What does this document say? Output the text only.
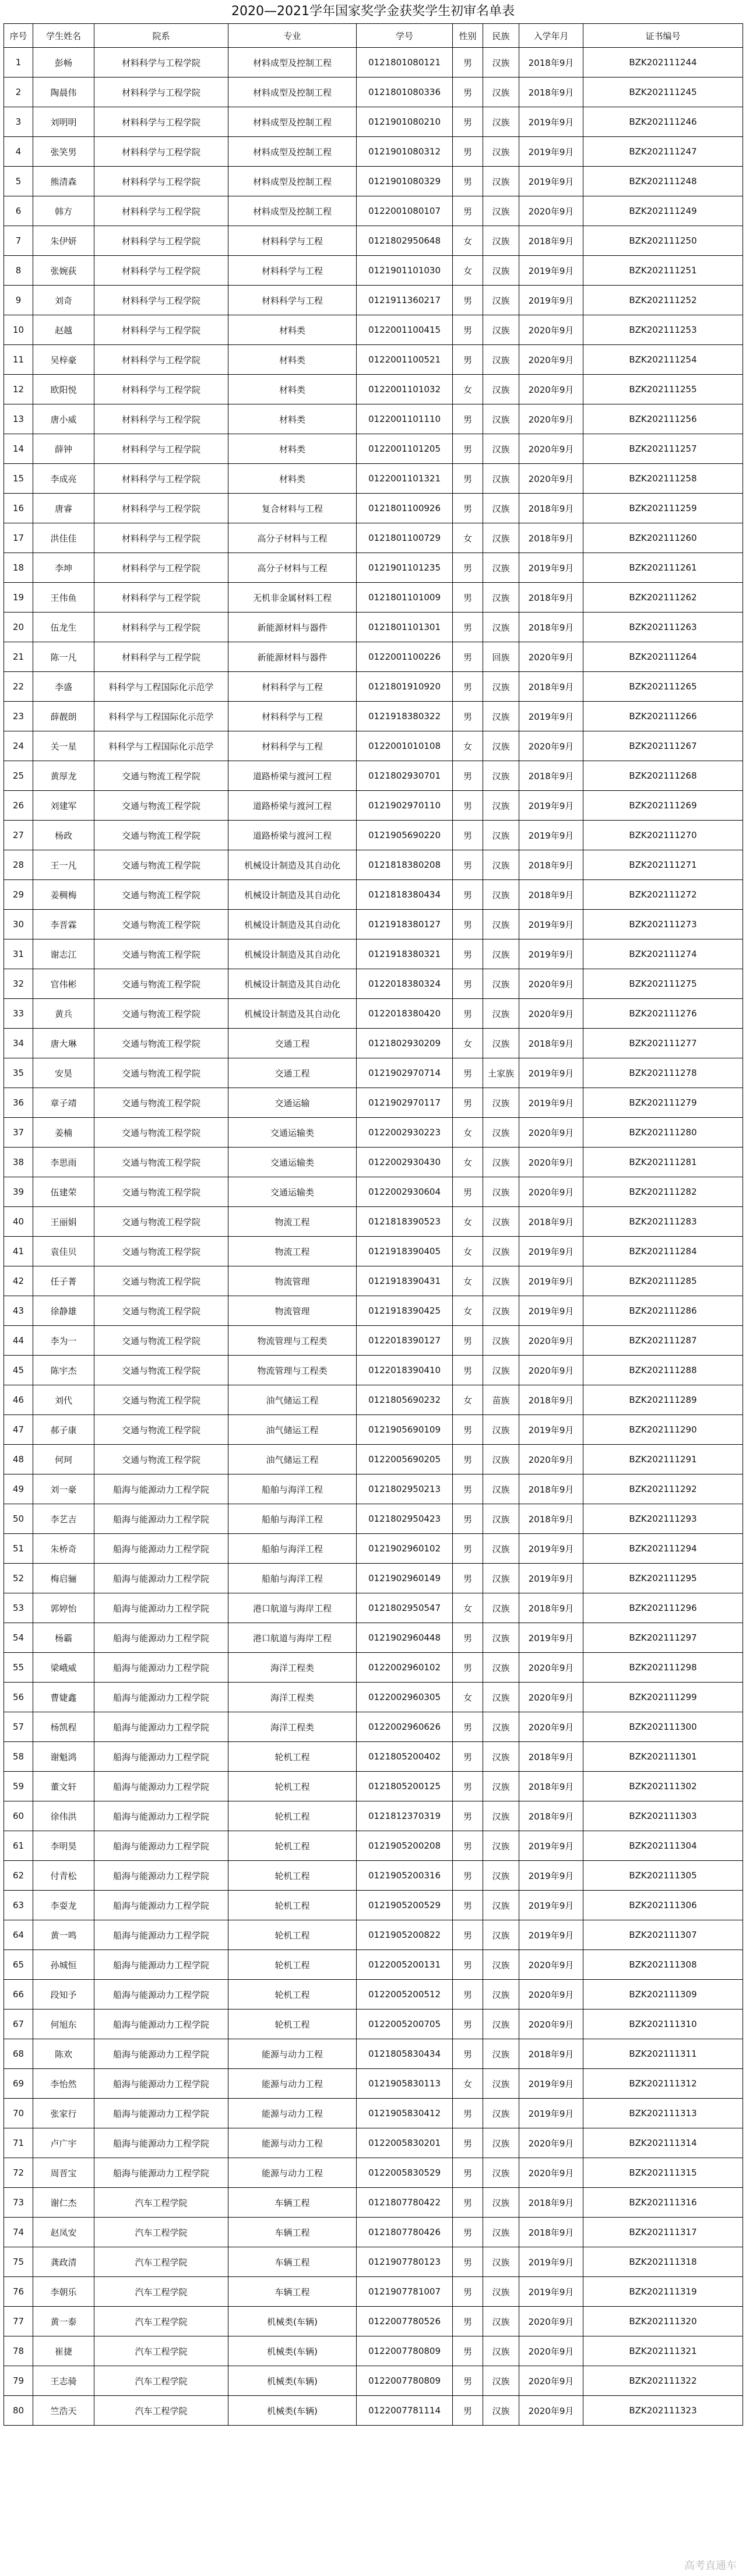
2020—2021学年国家奖学金获奖学生初审名单表
序号	学生姓名	院系	专业	学号	性别	民族	入学年月	证书编号
1	彭畅	材料科学与工程学院	材料成型及控制工程	0121801080121	男	汉族	2018年9月	BZK202111244
2	陶晨伟	材料科学与工程学院	材料成型及控制工程	0121801080336	男	汉族	2018年9月	BZK202111245
3	刘明明	材料科学与工程学院	材料成型及控制工程	0121901080210	男	汉族	2019年9月	BZK202111246
4	张笑男	材料科学与工程学院	材料成型及控制工程	0121901080312	男	汉族	2019年9月	BZK202111247
5	熊清森	材料科学与工程学院	材料成型及控制工程	0121901080329	男	汉族	2019年9月	BZK202111248
6	韩方	材料科学与工程学院	材料成型及控制工程	0122001080107	男	汉族	2020年9月	BZK202111249
7	朱伊妍	材料科学与工程学院	材料科学与工程	0121802950648	女	汉族	2018年9月	BZK202111250
8	张婉荻	材料科学与工程学院	材料科学与工程	0121901101030	女	汉族	2019年9月	BZK202111251
9	刘奇	材料科学与工程学院	材料科学与工程	0121911360217	男	汉族	2019年9月	BZK202111252
10	赵越	材料科学与工程学院	材料类	0122001100415	男	汉族	2020年9月	BZK202111253
11	吴梓豪	材料科学与工程学院	材料类	0122001100521	男	汉族	2020年9月	BZK202111254
12	欧阳悦	材料科学与工程学院	材料类	0122001101032	女	汉族	2020年9月	BZK202111255
13	唐小威	材料科学与工程学院	材料类	0122001101110	男	汉族	2020年9月	BZK202111256
14	薛钟	材料科学与工程学院	材料类	0122001101205	男	汉族	2020年9月	BZK202111257
15	李成亮	材料科学与工程学院	材料类	0122001101321	男	汉族	2020年9月	BZK202111258
16	唐睿	材料科学与工程学院	复合材料与工程	0121801100926	男	汉族	2018年9月	BZK202111259
17	洪佳佳	材料科学与工程学院	高分子材料与工程	0121801100729	女	汉族	2018年9月	BZK202111260
18	李坤	材料科学与工程学院	高分子材料与工程	0121901101235	男	汉族	2019年9月	BZK202111261
19	王伟鱼	材料科学与工程学院	无机非金属材料工程	0121801101009	男	汉族	2018年9月	BZK202111262
20	伍龙生	材料科学与工程学院	新能源材料与器件	0121801101301	男	汉族	2018年9月	BZK202111263
21	陈一凡	材料科学与工程学院	新能源材料与器件	0122001100226	男	回族	2020年9月	BZK202111264
22	李盛	料科学与工程国际化示范学	材料科学与工程	0121801910920	男	汉族	2018年9月	BZK202111265
23	薛靓朗	料科学与工程国际化示范学	材料科学与工程	0121918380322	男	汉族	2019年9月	BZK202111266
24	关一星	料科学与工程国际化示范学	材料科学与工程	0122001010108	女	汉族	2020年9月	BZK202111267
25	黄厚龙	交通与物流工程学院	道路桥梁与渡河工程	0121802930701	男	汉族	2018年9月	BZK202111268
26	刘建军	交通与物流工程学院	道路桥梁与渡河工程	0121902970110	男	汉族	2019年9月	BZK202111269
27	杨政	交通与物流工程学院	道路桥梁与渡河工程	0121905690220	男	汉族	2019年9月	BZK202111270
28	王一凡	交通与物流工程学院	机械设计制造及其自动化	0121818380208	男	汉族	2018年9月	BZK202111271
29	姜稠梅	交通与物流工程学院	机械设计制造及其自动化	0121818380434	男	汉族	2018年9月	BZK202111272
30	李晋霖	交通与物流工程学院	机械设计制造及其自动化	0121918380127	男	汉族	2019年9月	BZK202111273
31	谢志江	交通与物流工程学院	机械设计制造及其自动化	0121918380321	男	汉族	2019年9月	BZK202111274
32	官伟彬	交通与物流工程学院	机械设计制造及其自动化	0122018380324	男	汉族	2020年9月	BZK202111275
33	黄兵	交通与物流工程学院	机械设计制造及其自动化	0122018380420	男	汉族	2020年9月	BZK202111276
34	唐大琳	交通与物流工程学院	交通工程	0121802930209	女	汉族	2018年9月	BZK202111277
35	安昊	交通与物流工程学院	交通工程	0121902970714	男	土家族	2019年9月	BZK202111278
36	章子靖	交通与物流工程学院	交通运输	0121902970117	男	汉族	2019年9月	BZK202111279
37	姜楠	交通与物流工程学院	交通运输类	0122002930223	女	汉族	2020年9月	BZK202111280
38	李思雨	交通与物流工程学院	交通运输类	0122002930430	女	汉族	2020年9月	BZK202111281
39	伍建荣	交通与物流工程学院	交通运输类	0122002930604	男	汉族	2020年9月	BZK202111282
40	王丽娟	交通与物流工程学院	物流工程	0121818390523	女	汉族	2018年9月	BZK202111283
41	袁佳贝	交通与物流工程学院	物流工程	0121918390405	女	汉族	2019年9月	BZK202111284
42	任子菁	交通与物流工程学院	物流管理	0121918390431	女	汉族	2019年9月	BZK202111285
43	徐静雄	交通与物流工程学院	物流管理	0121918390425	女	汉族	2019年9月	BZK202111286
44	李为一	交通与物流工程学院	物流管理与工程类	0122018390127	男	汉族	2020年9月	BZK202111287
45	陈宇杰	交通与物流工程学院	物流管理与工程类	0122018390410	男	汉族	2020年9月	BZK202111288
46	刘代	交通与物流工程学院	油气储运工程	0121805690232	女	苗族	2018年9月	BZK202111289
47	郝子康	交通与物流工程学院	油气储运工程	0121905690109	男	汉族	2019年9月	BZK202111290
48	何珂	交通与物流工程学院	油气储运工程	0122005690205	男	汉族	2020年9月	BZK202111291
49	刘一豪	船海与能源动力工程学院	船舶与海洋工程	0121802950213	男	汉族	2018年9月	BZK202111292
50	李艺吉	船海与能源动力工程学院	船舶与海洋工程	0121802950423	男	汉族	2018年9月	BZK202111293
51	朱桥奇	船海与能源动力工程学院	船舶与海洋工程	0121902960102	男	汉族	2019年9月	BZK202111294
52	梅启骊	船海与能源动力工程学院	船舶与海洋工程	0121902960149	男	汉族	2019年9月	BZK202111295
53	郭婷怡	船海与能源动力工程学院	港口航道与海岸工程	0121802950547	女	汉族	2018年9月	BZK202111296
54	杨霸	船海与能源动力工程学院	港口航道与海岸工程	0121902960448	男	汉族	2019年9月	BZK202111297
55	梁峨威	船海与能源动力工程学院	海洋工程类	0122002960102	男	汉族	2020年9月	BZK202111298
56	曹婕鑫	船海与能源动力工程学院	海洋工程类	0122002960305	女	汉族	2020年9月	BZK202111299
57	杨凯程	船海与能源动力工程学院	海洋工程类	0122002960626	男	汉族	2020年9月	BZK202111300
58	谢魁鸿	船海与能源动力工程学院	轮机工程	0121805200402	男	汉族	2018年9月	BZK202111301
59	董文轩	船海与能源动力工程学院	轮机工程	0121805200125	男	汉族	2018年9月	BZK202111302
60	徐伟洪	船海与能源动力工程学院	轮机工程	0121812370319	男	汉族	2018年9月	BZK202111303
61	李明昊	船海与能源动力工程学院	轮机工程	0121905200208	男	汉族	2019年9月	BZK202111304
62	付青松	船海与能源动力工程学院	轮机工程	0121905200316	男	汉族	2019年9月	BZK202111305
63	李耍龙	船海与能源动力工程学院	轮机工程	0121905200529	男	汉族	2019年9月	BZK202111306
64	黄一鸣	船海与能源动力工程学院	轮机工程	0121905200822	男	汉族	2019年9月	BZK202111307
65	孙城恒	船海与能源动力工程学院	轮机工程	0122005200131	男	汉族	2020年9月	BZK202111308
66	段知予	船海与能源动力工程学院	轮机工程	0122005200512	男	汉族	2020年9月	BZK202111309
67	何旭东	船海与能源动力工程学院	轮机工程	0122005200705	男	汉族	2020年9月	BZK202111310
68	陈欢	船海与能源动力工程学院	能源与动力工程	0121805830434	男	汉族	2018年9月	BZK202111311
69	李怡然	船海与能源动力工程学院	能源与动力工程	0121905830113	女	汉族	2019年9月	BZK202111312
70	张家行	船海与能源动力工程学院	能源与动力工程	0121905830412	男	汉族	2019年9月	BZK202111313
71	卢广宇	船海与能源动力工程学院	能源与动力工程	0122005830201	男	汉族	2020年9月	BZK202111314
72	周晋宝	船海与能源动力工程学院	能源与动力工程	0122005830529	男	汉族	2020年9月	BZK202111315
73	谢仁杰	汽车工程学院	车辆工程	0121807780422	男	汉族	2018年9月	BZK202111316
74	赵凤安	汽车工程学院	车辆工程	0121807780426	男	汉族	2018年9月	BZK202111317
75	龚政清	汽车工程学院	车辆工程	0121907780123	男	汉族	2019年9月	BZK202111318
76	李朝乐	汽车工程学院	车辆工程	0121907781007	男	汉族	2019年9月	BZK202111319
77	黄一泰	汽车工程学院	机械类(车辆)	0122007780526	男	汉族	2020年9月	BZK202111320
78	崔捷	汽车工程学院	机械类(车辆)	0122007780809	男	汉族	2020年9月	BZK202111321
79	王志骑	汽车工程学院	机械类(车辆)	0122007780809	男	汉族	2020年9月	BZK202111322
80	竺浩天	汽车工程学院	机械类(车辆)	0122007781114	男	汉族	2020年9月	BZK202111323
高考直通车
